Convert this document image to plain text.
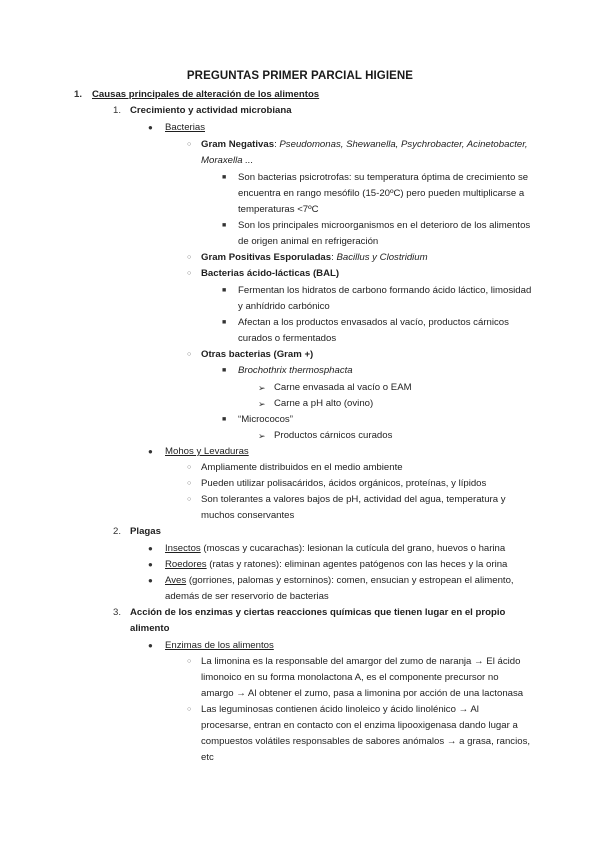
PREGUNTAS PRIMER PARCIAL HIGIENE
1. Causas principales de alteración de los alimentos
1. Crecimiento y actividad microbiana
● Bacterias
○ Gram Negativas: Pseudomonas, Shewanella, Psychrobacter, Acinetobacter,
Moraxella ...
■ Son bacterias psicrotrofas: su temperatura óptima de crecimiento se
encuentra en rango mesófilo (15-20ºC) pero pueden multiplicarse a
temperaturas <7ºC
■ Son los principales microorganismos en el deterioro de los alimentos
de origen animal en refrigeración
○ Gram Positivas Esporuladas: Bacillus y Clostridium
○ Bacterias ácido-lácticas (BAL)
■ Fermentan los hidratos de carbono formando ácido láctico, limosidad
y anhídrido carbónico
■ Afectan a los productos envasados al vacío, productos cárnicos
curados o fermentados
○ Otras bacterias (Gram +)
■ Brochothrix thermosphacta
➢ Carne envasada al vacío o EAM
➢ Carne a pH alto (ovino)
■ “Micrococos”
➢ Productos cárnicos curados
● Mohos y Levaduras
○ Ampliamente distribuidos en el medio ambiente
○ Pueden utilizar polisacáridos, ácidos orgánicos, proteínas, y lípidos
○ Son tolerantes a valores bajos de pH, actividad del agua, temperatura y
muchos conservantes
2. Plagas
● Insectos (moscas y cucarachas): lesionan la cutícula del grano, huevos o harina
● Roedores (ratas y ratones): eliminan agentes patógenos con las heces y la orina
● Aves (gorriones, palomas y estorninos): comen, ensucian y estropean el alimento,
además de ser reservorio de bacterias
3. Acción de los enzimas y ciertas reacciones químicas que tienen lugar en el propio
alimento
● Enzimas de los alimentos
○ La limonina es la responsable del amargor del zumo de naranja → El ácido
limonoico en su forma monolactona A, es el componente precursor no
amargo → Al obtener el zumo, pasa a limonina por acción de una lactonasa
○ Las leguminosas contienen ácido linoleico y ácido linolénico → Al
procesarse, entran en contacto con el enzima lipooxigenasa dando lugar a
compuestos volátiles responsables de sabores anómalos → a grasa, rancios,
etc
